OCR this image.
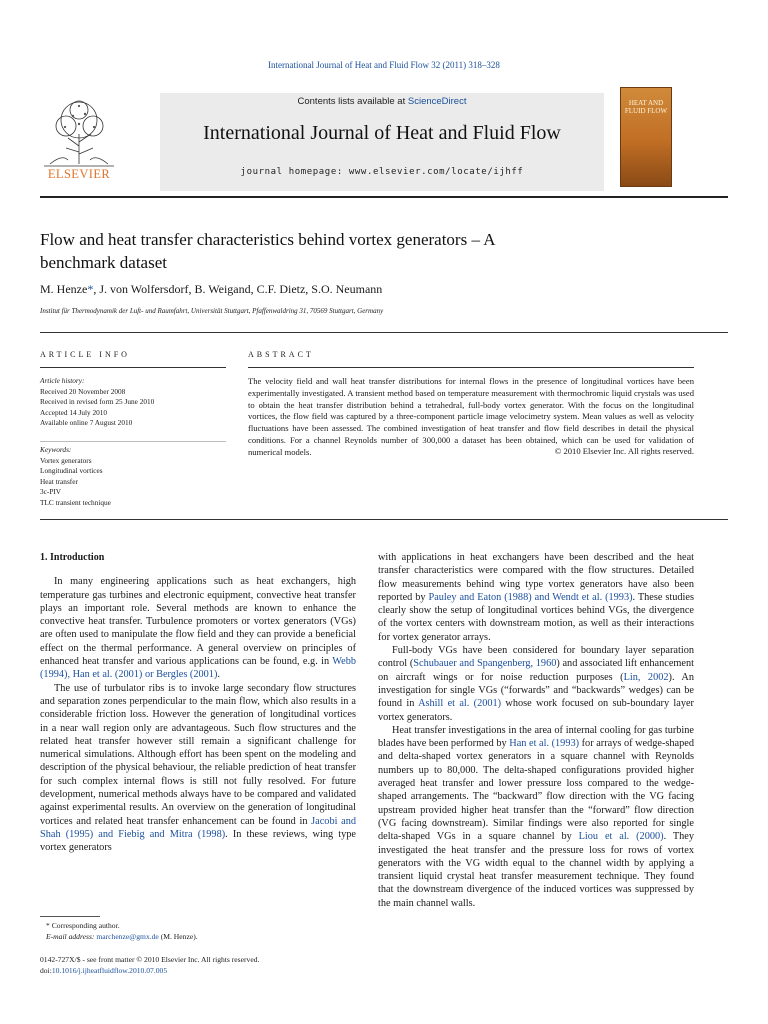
International Journal of Heat and Fluid Flow 32 (2011) 318–328
ELSEVIER
Contents lists available at ScienceDirect
International Journal of Heat and Fluid Flow
journal homepage: www.elsevier.com/locate/ijhff
HEAT AND FLUID FLOW
Flow and heat transfer characteristics behind vortex generators – A benchmark dataset
M. Henze*, J. von Wolfersdorf, B. Weigand, C.F. Dietz, S.O. Neumann
Institut für Thermodynamik der Luft- und Raumfahrt, Universität Stuttgart, Pfaffenwaldring 31, 70569 Stuttgart, Germany
ARTICLE INFO
Article history:
Received 20 November 2008
Received in revised form 25 June 2010
Accepted 14 July 2010
Available online 7 August 2010
Keywords:
Vortex generators
Longitudinal vortices
Heat transfer
3c-PIV
TLC transient technique
ABSTRACT
The velocity field and wall heat transfer distributions for internal flows in the presence of longitudinal vortices have been experimentally investigated. A transient method based on temperature measurement with thermochromic liquid crystals was used to obtain the heat transfer distribution behind a tetrahedral, full-body vortex generator. With the focus on the longitudinal vortices, the flow field was captured by a three-component particle image velocimetry system. Mean values as well as velocity fluctuations have been assessed. The combined investigation of heat transfer and flow field describes in detail the physical conditions. For a channel Reynolds number of 300,000 a dataset has been obtained, which can be used for validation of numerical models.	© 2010 Elsevier Inc. All rights reserved.

1. Introduction

In many engineering applications such as heat exchangers, high temperature gas turbines and electronic equipment, convective heat transfer plays an important role. Several methods are known to enhance the convective heat transfer. Turbulence promoters or vortex generators (VGs) are often used to manipulate the flow field and they can provide a beneficial effect on the thermal performance. A general overview on principles of enhanced heat transfer and various applications can be found, e.g. in Webb (1994), Han et al. (2001) or Bergles (2001).

The use of turbulator ribs is to invoke large secondary flow structures and separation zones perpendicular to the main flow, which also results in a considerable friction loss. However the generation of longitudinal vortices in a near wall region only are advantageous. Such flow structures and the related heat transfer however still remain a significant challenge for numerical simulations. Although effort has been spent on the modeling and description of the physical behaviour, the reliable prediction of heat transfer for such complex internal flows is still not fully resolved. For future development, numerical methods always have to be compared and validated against experimental results. An overview on the generation of longitudinal vortices and related heat transfer enhancement can be found in Jacobi and Shah (1995) and Fiebig and Mitra (1998). In these reviews, wing type vortex generators

with applications in heat exchangers have been described and the heat transfer characteristics were compared with the flow structures. Detailed flow measurements behind wing type vortex generators have also been reported by Pauley and Eaton (1988) and Wendt et al. (1993). These studies clearly show the setup of longitudinal vortices behind VGs, the divergence of the vortex centers with downstream motion, as well as their interactions for vortex generator arrays.

Full-body VGs have been considered for boundary layer separation control (Schubauer and Spangenberg, 1960) and associated lift enhancement on aircraft wings or for noise reduction purposes (Lin, 2002). An investigation for single VGs (“forwards” and “backwards” wedges) can be found in Ashill et al. (2001) whose work focused on sub-boundary layer vortex generators.

Heat transfer investigations in the area of internal cooling for gas turbine blades have been performed by Han et al. (1993) for arrays of wedge-shaped and delta-shaped vortex generators in a square channel with Reynolds numbers up to 80,000. The delta-shaped configurations provided higher averaged heat transfer and lower pressure loss compared to the wedge-shaped arrangements. The “backward” flow direction with the VG facing upstream provided higher heat transfer than the “forward” flow direction (VG facing downstream). Similar findings were also reported for single delta-shaped VGs in a square channel by Liou et al. (2000). They investigated the heat transfer and the pressure loss for rows of vortex generators with the VG width equal to the channel width by applying a transient liquid crystal heat transfer measurement technique. They found that the downstream divergence of the induced vortices was suppressed by the main channel walls.

* Corresponding author.
E-mail address: marchenze@gmx.de (M. Henze).
0142-727X/$ - see front matter © 2010 Elsevier Inc. All rights reserved.
doi:10.1016/j.ijheatfluidflow.2010.07.005
